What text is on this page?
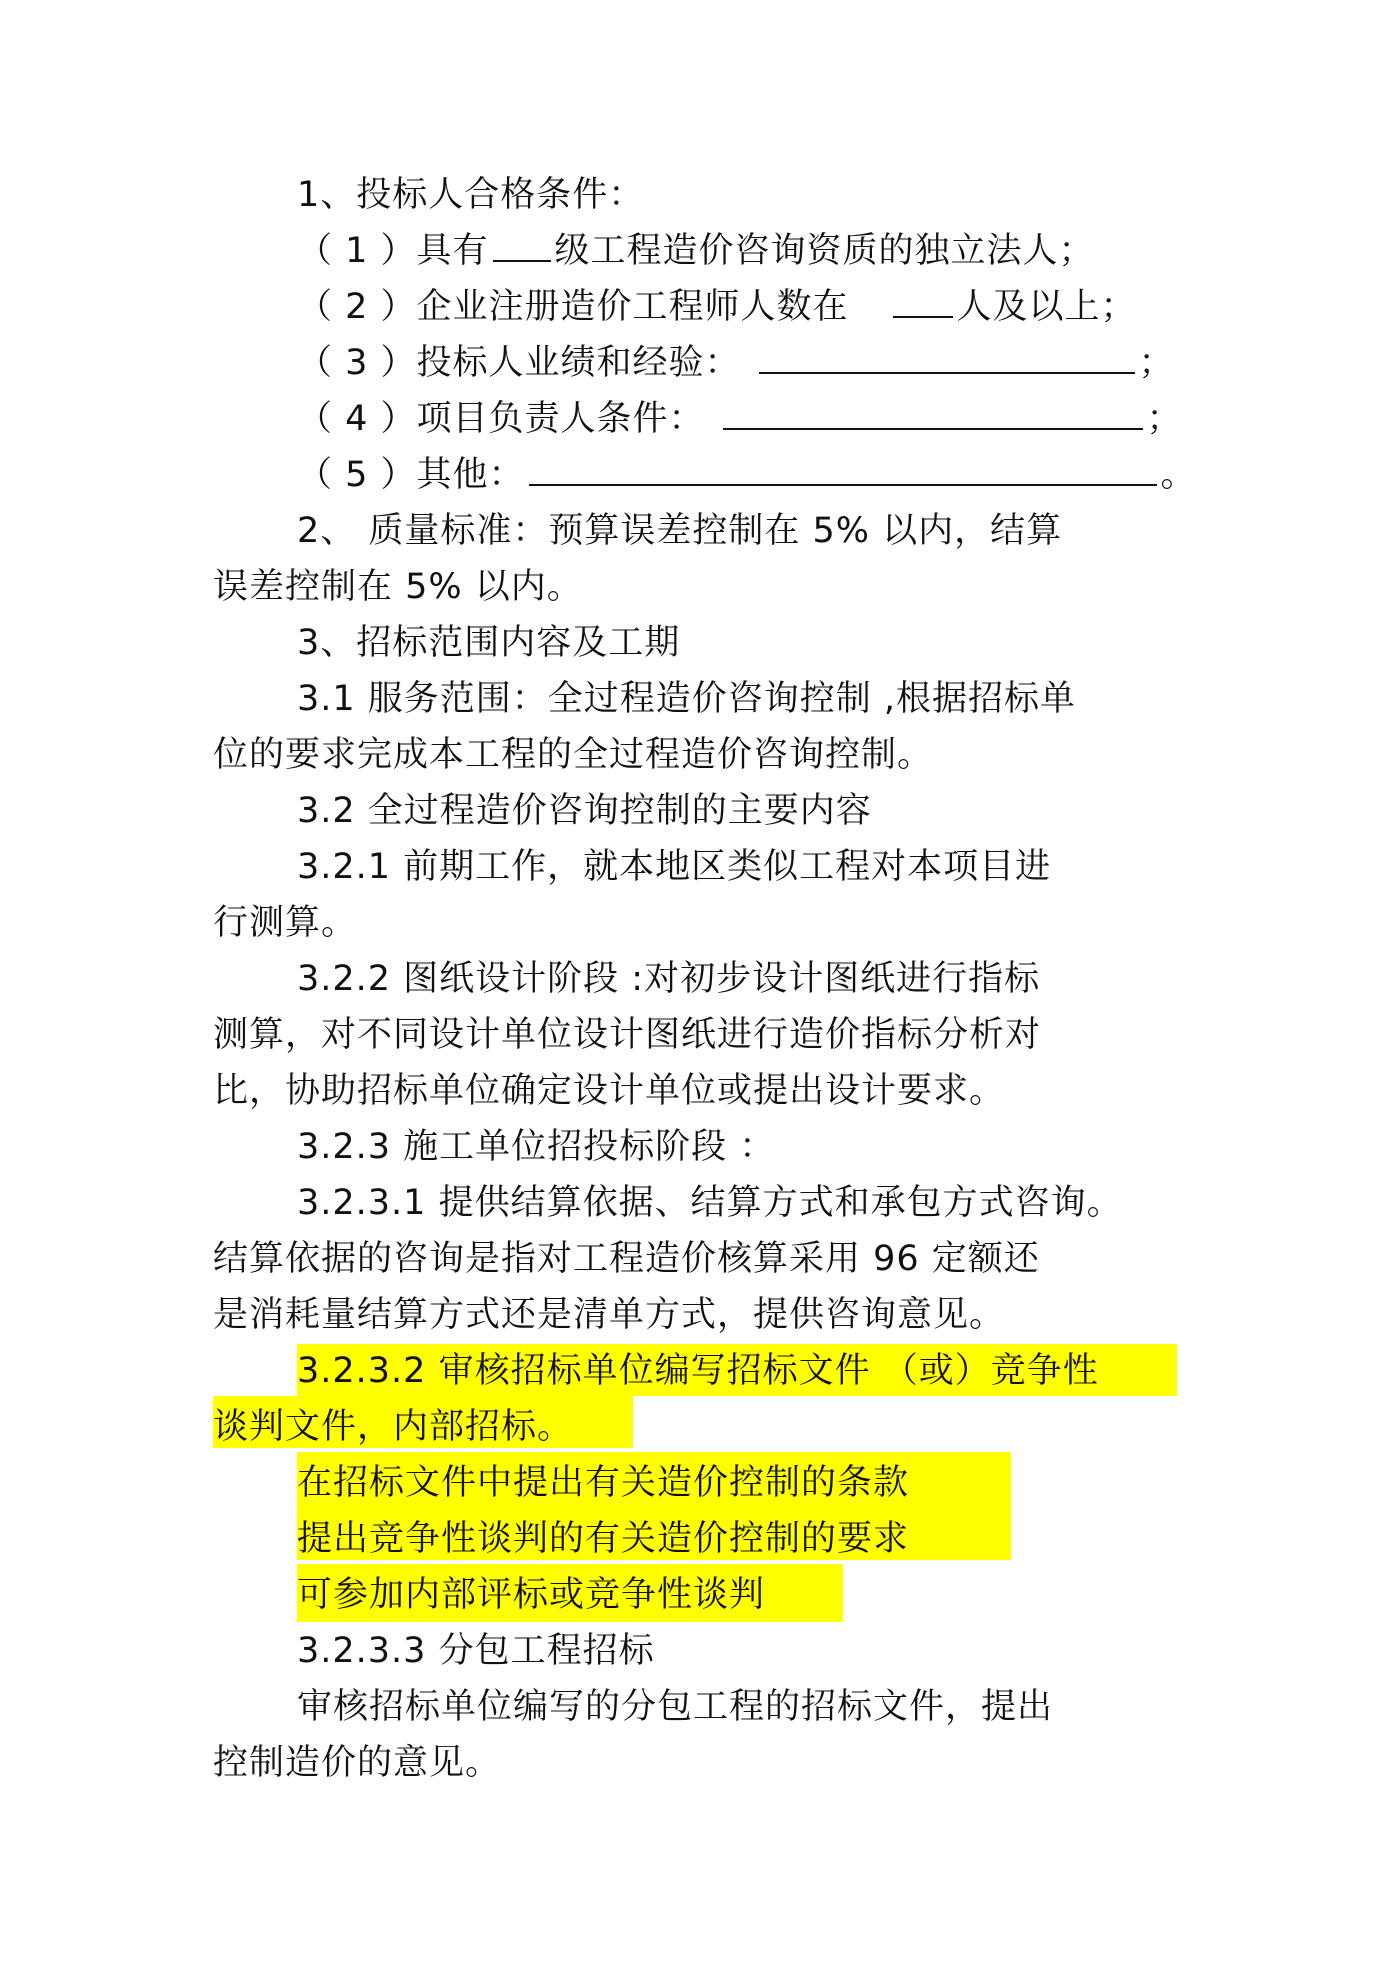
1、投标人合格条件：
（ 1 ）具有 级工程造价咨询资质的独立法人；
（ 2 ）企业注册造价工程师人数在	人及以上；
（ 3 ）投标人业绩和经验：	；
（ 4 ）项目负责人条件：	；
（ 5 ）其他：	。
2、 质量标准：预算误差控制在 5% 以内，结算
误差控制在 5% 以内。
3、招标范围内容及工期
3.1 服务范围：全过程造价咨询控制 ,根据招标单
位的要求完成本工程的全过程造价咨询控制。
3.2 全过程造价咨询控制的主要内容
3.2.1 前期工作，就本地区类似工程对本项目进
行测算。
3.2.2 图纸设计阶段 :对初步设计图纸进行指标
测算，对不同设计单位设计图纸进行造价指标分析对
比，协助招标单位确定设计单位或提出设计要求。
3.2.3 施工单位招投标阶段 ：
3.2.3.1 提供结算依据、结算方式和承包方式咨询。
结算依据的咨询是指对工程造价核算采用 96 定额还
是消耗量结算方式还是清单方式，提供咨询意见。
3.2.3.2 审核招标单位编写招标文件 （或）竞争性
谈判文件，内部招标。
在招标文件中提出有关造价控制的条款
提出竞争性谈判的有关造价控制的要求
可参加内部评标或竞争性谈判
3.2.3.3 分包工程招标
审核招标单位编写的分包工程的招标文件，提出
控制造价的意见。
